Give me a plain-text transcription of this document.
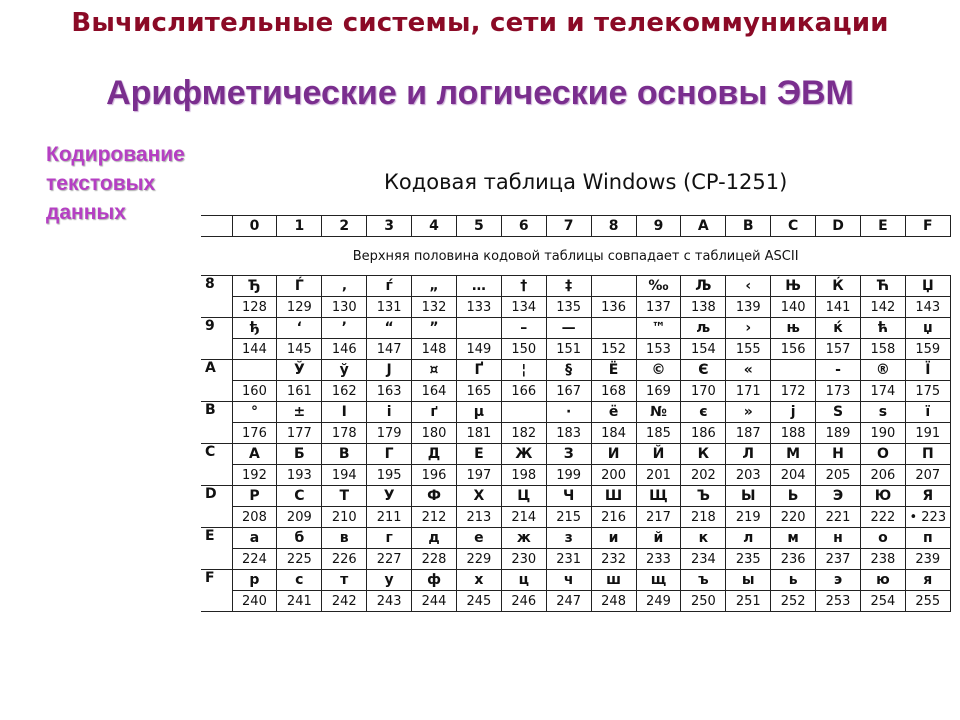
Вычислительные системы, сети и телекоммуникации
Арифметические и логические основы ЭВМ
Кодирование
текстовых
данных
Кодовая таблица Windows (CP-1251)
	0	1	2	3	4	5	6	7	8	9	A	B	C	D	E	F
Верхняя половина кодовой таблицы совпадает с таблицей ASCII																
8	Ђ	Ѓ	‚	ѓ	„	…	†	‡		‰	Љ	‹	Њ	Ќ	Ћ	Џ
	128	129	130	131	132	133	134	135	136	137	138	139	140	141	142	143
9	ђ	‘	’	“	”		–	—		™	љ	›	њ	ќ	ћ	џ
	144	145	146	147	148	149	150	151	152	153	154	155	156	157	158	159
A		Ў	ў	J	¤	Ґ	¦	§	Ё	©	Є	«		-	®	Ї
	160	161	162	163	164	165	166	167	168	169	170	171	172	173	174	175
B	°	±	I	i	ґ	µ		·	ё	№	є	»	j	S	s	ї
	176	177	178	179	180	181	182	183	184	185	186	187	188	189	190	191
C	А	Б	В	Г	Д	Е	Ж	З	И	Й	К	Л	М	Н	О	П
	192	193	194	195	196	197	198	199	200	201	202	203	204	205	206	207
D	Р	С	Т	У	Ф	Х	Ц	Ч	Ш	Щ	Ъ	Ы	Ь	Э	Ю	Я
	208	209	210	211	212	213	214	215	216	217	218	219	220	221	222	• 223
E	а	б	в	г	д	е	ж	з	и	й	к	л	м	н	о	п
	224	225	226	227	228	229	230	231	232	233	234	235	236	237	238	239
F	р	с	т	у	ф	х	ц	ч	ш	щ	ъ	ы	ь	э	ю	я
	240	241	242	243	244	245	246	247	248	249	250	251	252	253	254	255
